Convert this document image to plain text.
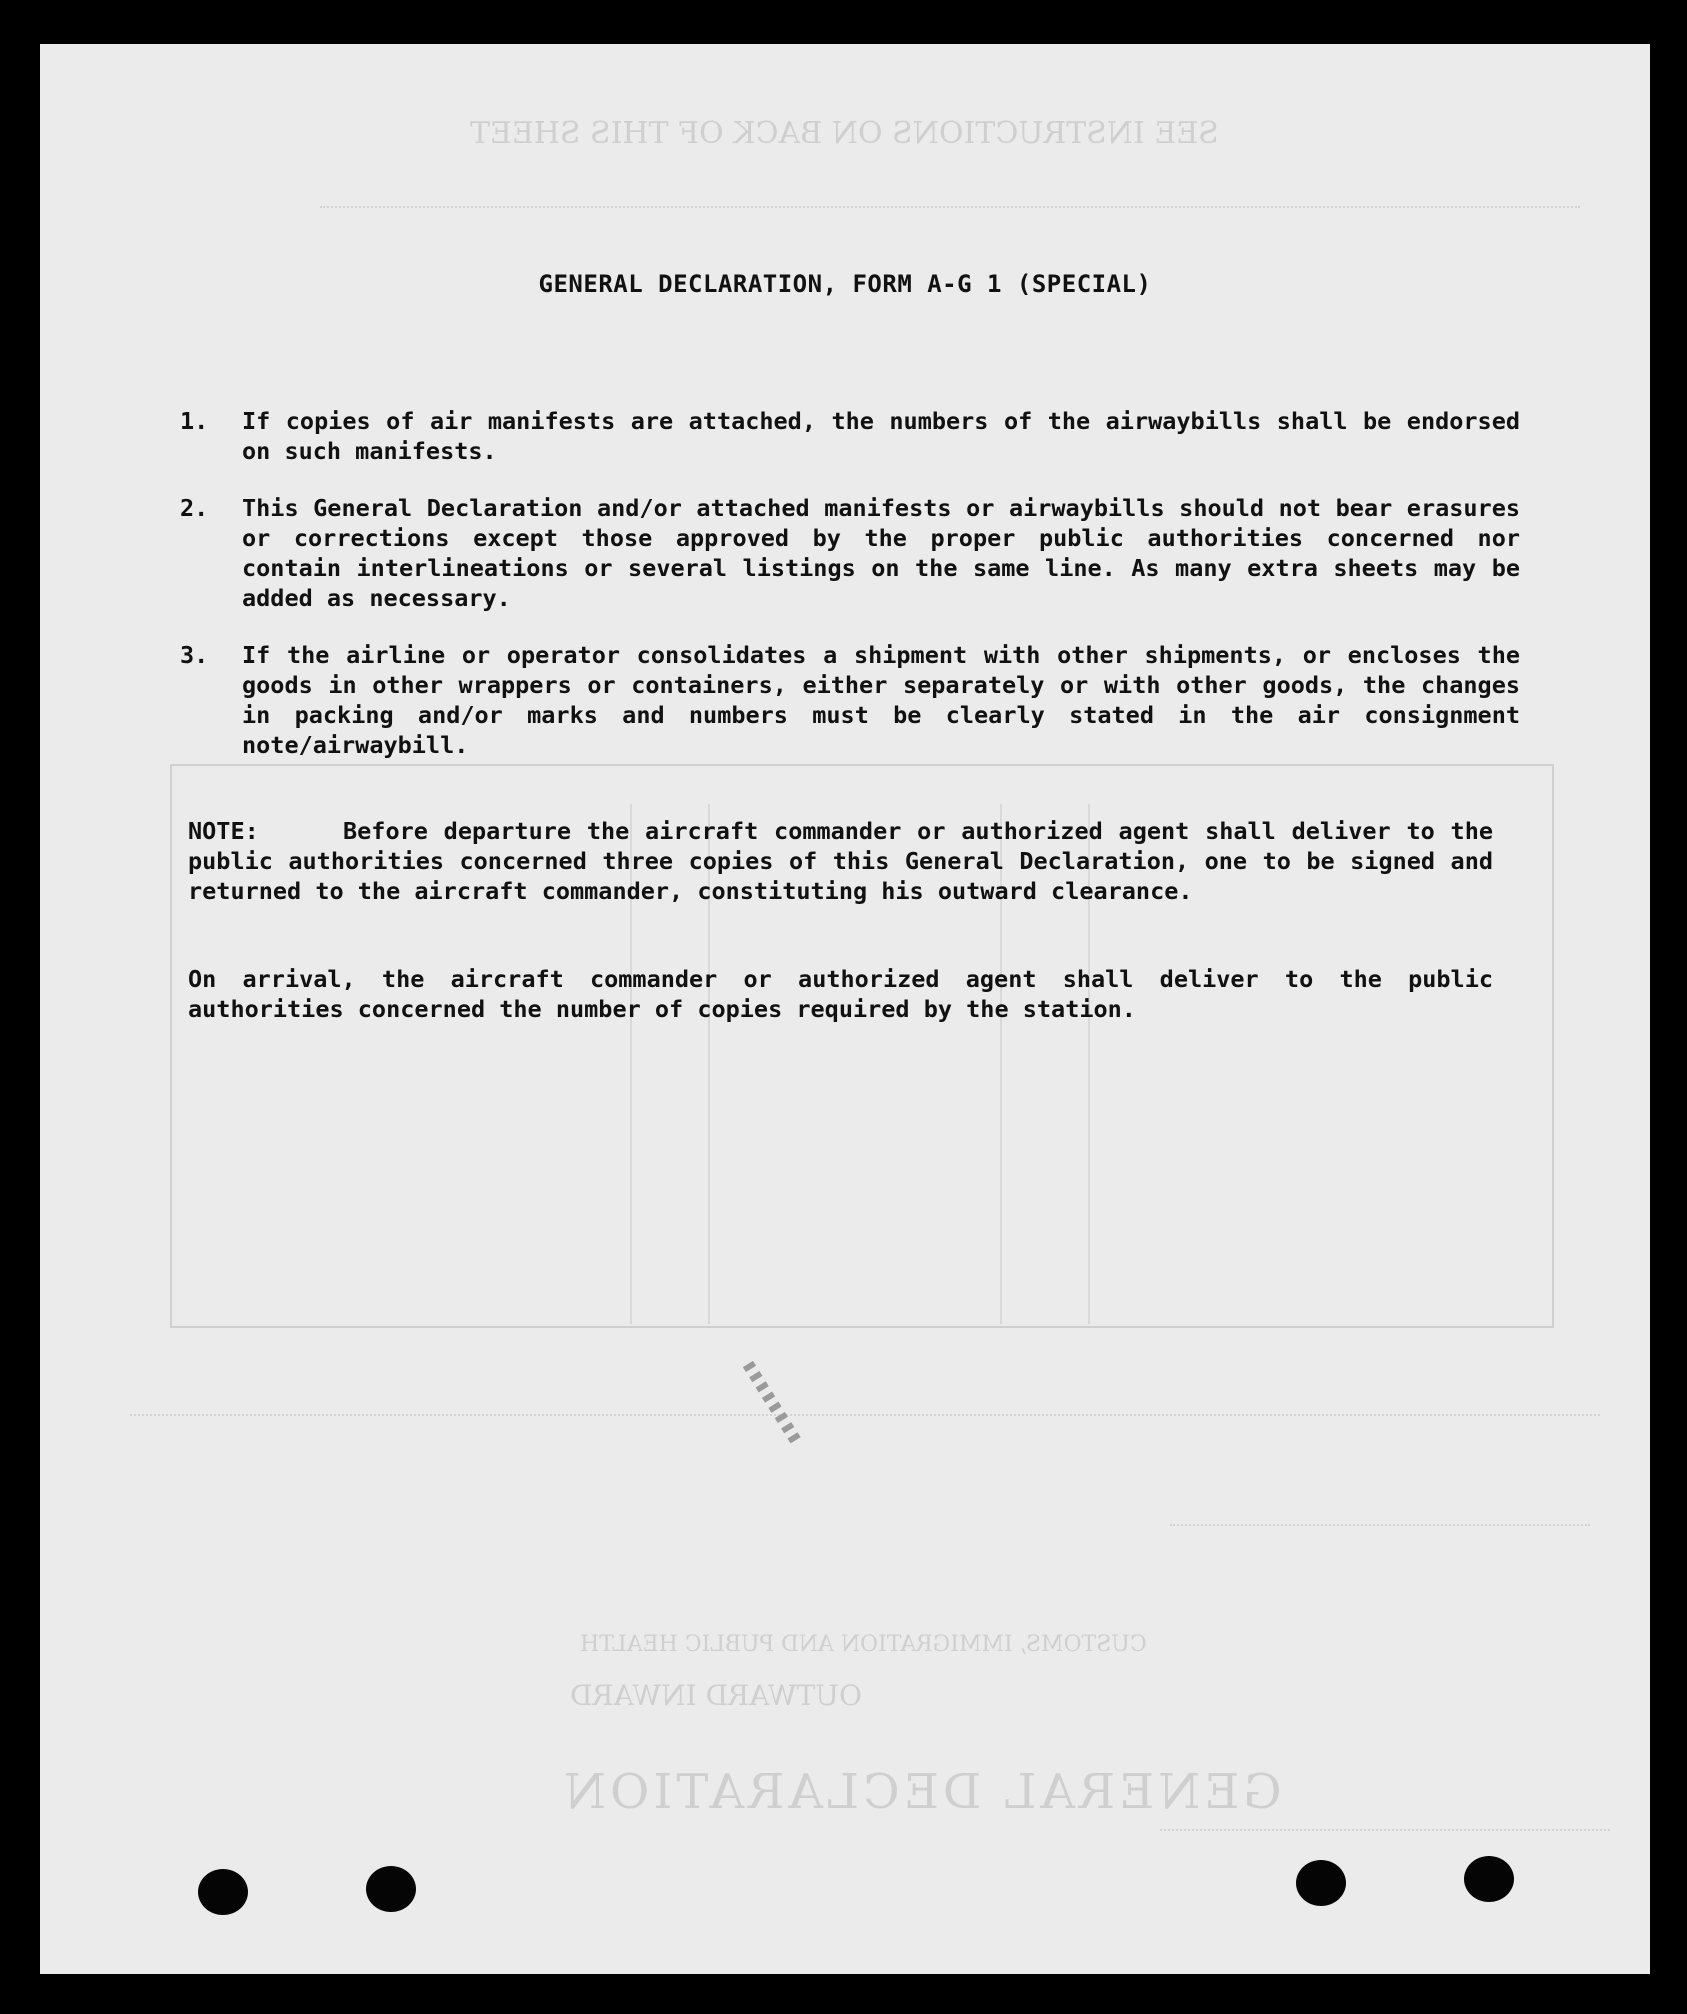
SEE INSTRUCTIONS ON BACK OF THIS SHEET
GENERAL DECLARATION
OUTWARD INWARD
CUSTOMS, IMMIGRATION AND PUBLIC HEALTH
▮▮▮▮▮▮▮▮
GENERAL DECLARATION, FORM A-G 1 (SPECIAL)
1.	If copies of air manifests are attached, the numbers of the airwaybills shall be endorsed on such manifests.
2.	This General Declaration and/or attached manifests or airwaybills should not bear erasures or corrections except those approved by the proper public authorities concerned nor contain interlineations or several listings on the same line. As many extra sheets may be added as necessary.
3.	If the airline or operator consolidates a shipment with other shipments, or encloses the goods in other wrappers or containers, either separately or with other goods, the changes in packing and/or marks and numbers must be clearly stated in the air consignment note/airwaybill.
NOTE:	Before departure the aircraft commander or authorized agent shall deliver to the public authorities concerned three copies of this General Declaration, one to be signed and returned to the aircraft commander, constituting his outward clearance.
On arrival, the aircraft commander or authorized agent shall deliver to the public authorities concerned the number of copies required by the station.
